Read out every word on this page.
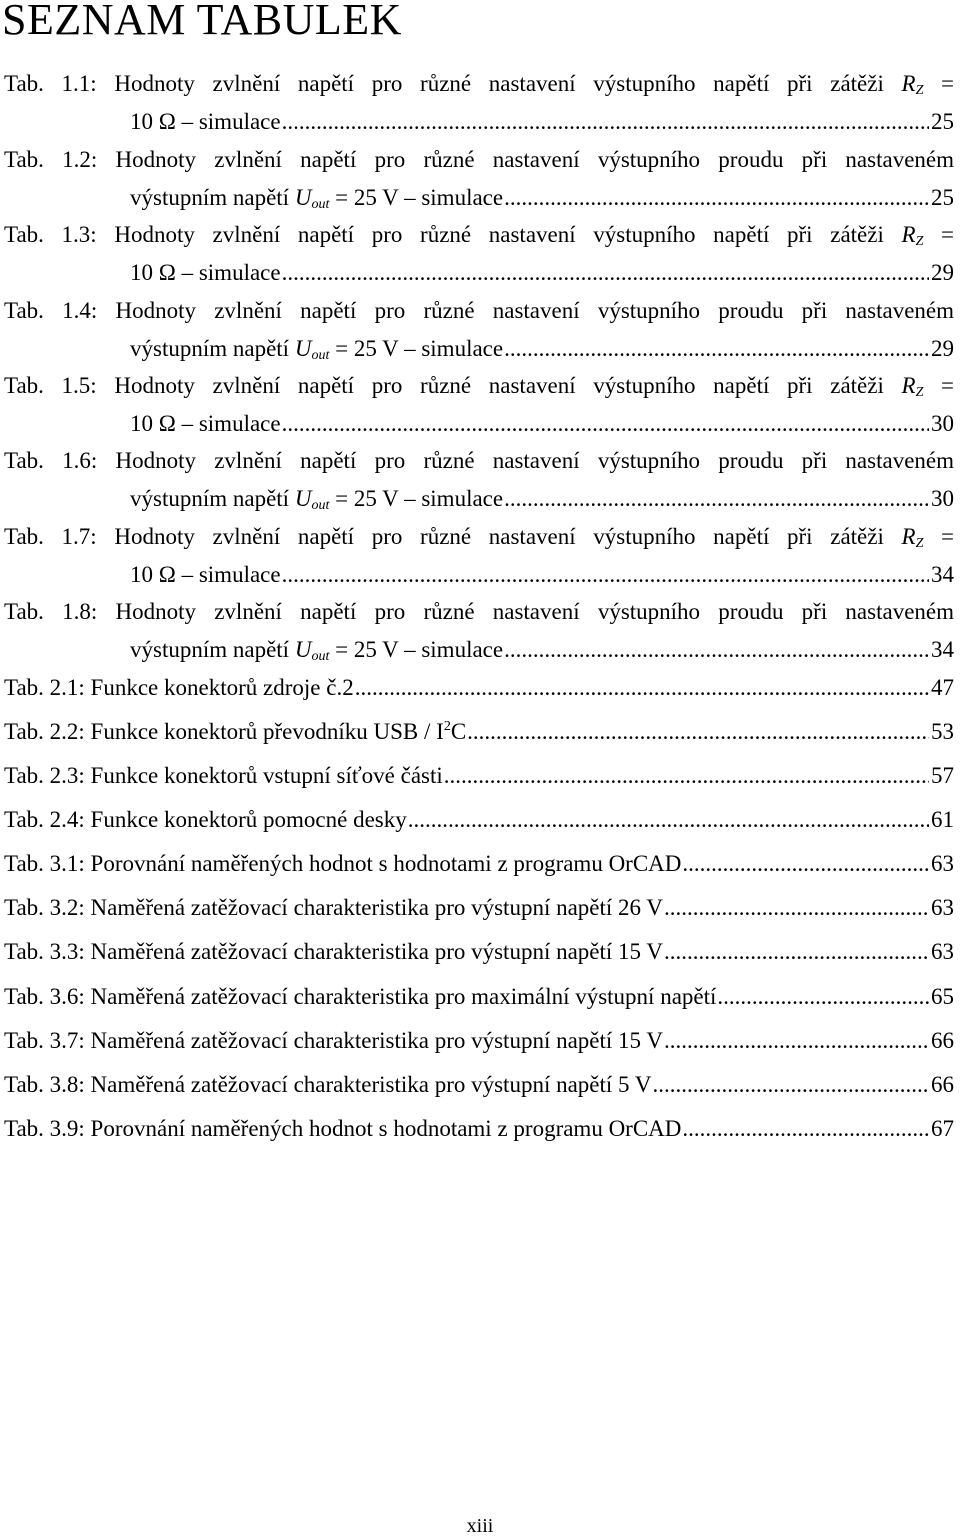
SEZNAM TABULEK
Tab. 1.1: Hodnoty zvlnění napětí pro různé nastavení výstupního napětí při zátěži $R_Z$ =
10 Ω – simulace .....	25
Tab. 1.2: Hodnoty zvlnění napětí pro různé nastavení výstupního proudu při nastaveném
výstupním napětí $U_{out} = 25$ V – simulace .....	25
Tab. 1.3: Hodnoty zvlnění napětí pro různé nastavení výstupního napětí při zátěži $R_Z$ =
10 Ω – simulace .....	29
Tab. 1.4: Hodnoty zvlnění napětí pro různé nastavení výstupního proudu při nastaveném
výstupním napětí $U_{out} = 25$ V – simulace .....	29
Tab. 1.5: Hodnoty zvlnění napětí pro různé nastavení výstupního napětí při zátěži $R_Z$ =
10 Ω – simulace .....	30
Tab. 1.6: Hodnoty zvlnění napětí pro různé nastavení výstupního proudu při nastaveném
výstupním napětí $U_{out} = 25$ V – simulace .....	30
Tab. 1.7: Hodnoty zvlnění napětí pro různé nastavení výstupního napětí při zátěži $R_Z$ =
10 Ω – simulace .....	34
Tab. 1.8: Hodnoty zvlnění napětí pro různé nastavení výstupního proudu při nastaveném
výstupním napětí $U_{out} = 25$ V – simulace .....	34
Tab. 2.1: Funkce konektorů zdroje č.2 .....	47
Tab. 2.2: Funkce konektorů převodníku USB / $I^2C$ .....	53
Tab. 2.3: Funkce konektorů vstupní síťové části .....	57
Tab. 2.4: Funkce konektorů pomocné desky .....	61
Tab. 3.1: Porovnání naměřených hodnot s hodnotami z programu OrCAD .....	63
Tab. 3.2: Naměřená zatěžovací charakteristika pro výstupní napětí 26 V .....	63
Tab. 3.3: Naměřená zatěžovací charakteristika pro výstupní napětí 15 V .....	63
Tab. 3.6: Naměřená zatěžovací charakteristika pro maximální výstupní napětí .....	65
Tab. 3.7: Naměřená zatěžovací charakteristika pro výstupní napětí 15 V .....	66
Tab. 3.8: Naměřená zatěžovací charakteristika pro výstupní napětí 5 V .....	66
Tab. 3.9: Porovnání naměřených hodnot s hodnotami z programu OrCAD .....	67
xiii
